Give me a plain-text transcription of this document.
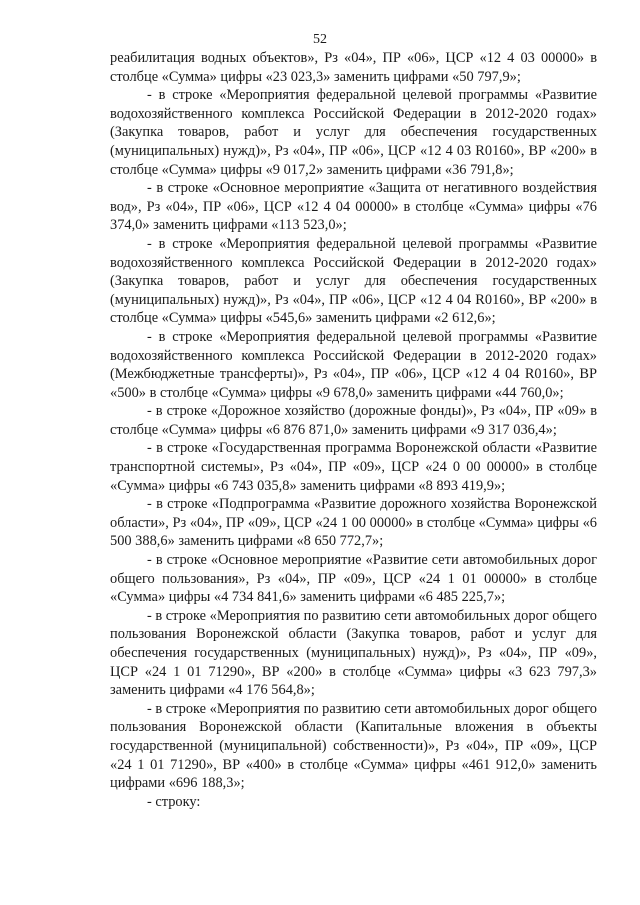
52

реабилитация водных объектов», Рз «04», ПР «06», ЦСР «12 4 03 00000» в столбце «Сумма» цифры «23 023,3» заменить цифрами «50 797,9»;

- в строке «Мероприятия федеральной целевой программы «Развитие водохозяйственного комплекса Российской Федерации в 2012-2020 годах» (Закупка товаров, работ и услуг для обеспечения государственных (муниципальных) нужд)», Рз «04», ПР «06», ЦСР «12 4 03 R0160», ВР «200» в столбце «Сумма» цифры «9 017,2» заменить цифрами «36 791,8»;

- в строке «Основное мероприятие «Защита от негативного воздействия вод», Рз «04», ПР «06», ЦСР «12 4 04 00000» в столбце «Сумма» цифры «76 374,0» заменить цифрами «113 523,0»;

- в строке «Мероприятия федеральной целевой программы «Развитие водохозяйственного комплекса Российской Федерации в 2012-2020 годах» (Закупка товаров, работ и услуг для обеспечения государственных (муниципальных) нужд)», Рз «04», ПР «06», ЦСР «12 4 04 R0160», ВР «200» в столбце «Сумма» цифры «545,6» заменить цифрами «2 612,6»;

- в строке «Мероприятия федеральной целевой программы «Развитие водохозяйственного комплекса Российской Федерации в 2012-2020 годах» (Межбюджетные трансферты)», Рз «04», ПР «06», ЦСР «12 4 04 R0160», ВР «500» в столбце «Сумма» цифры «9 678,0» заменить цифрами «44 760,0»;

- в строке «Дорожное хозяйство (дорожные фонды)», Рз «04», ПР «09» в столбце «Сумма» цифры «6 876 871,0» заменить цифрами «9 317 036,4»;

- в строке «Государственная программа Воронежской области «Развитие транспортной системы», Рз «04», ПР «09», ЦСР «24 0 00 00000» в столбце «Сумма» цифры «6 743 035,8» заменить цифрами «8 893 419,9»;

- в строке «Подпрограмма «Развитие дорожного хозяйства Воронежской области», Рз «04», ПР «09», ЦСР «24 1 00 00000» в столбце «Сумма» цифры «6 500 388,6» заменить цифрами «8 650 772,7»;

- в строке «Основное мероприятие «Развитие сети автомобильных дорог общего пользования», Рз «04», ПР «09», ЦСР «24 1 01 00000» в столбце «Сумма» цифры «4 734 841,6» заменить цифрами «6 485 225,7»;

- в строке «Мероприятия по развитию сети автомобильных дорог общего пользования Воронежской области (Закупка товаров, работ и услуг для обеспечения государственных (муниципальных) нужд)», Рз «04», ПР «09», ЦСР «24 1 01 71290», ВР «200» в столбце «Сумма» цифры «3 623 797,3» заменить цифрами «4 176 564,8»;

- в строке «Мероприятия по развитию сети автомобильных дорог общего пользования Воронежской области (Капитальные вложения в объекты государственной (муниципальной) собственности)», Рз «04», ПР «09», ЦСР «24 1 01 71290», ВР «400» в столбце «Сумма» цифры «461 912,0» заменить цифрами «696 188,3»;

- строку:
